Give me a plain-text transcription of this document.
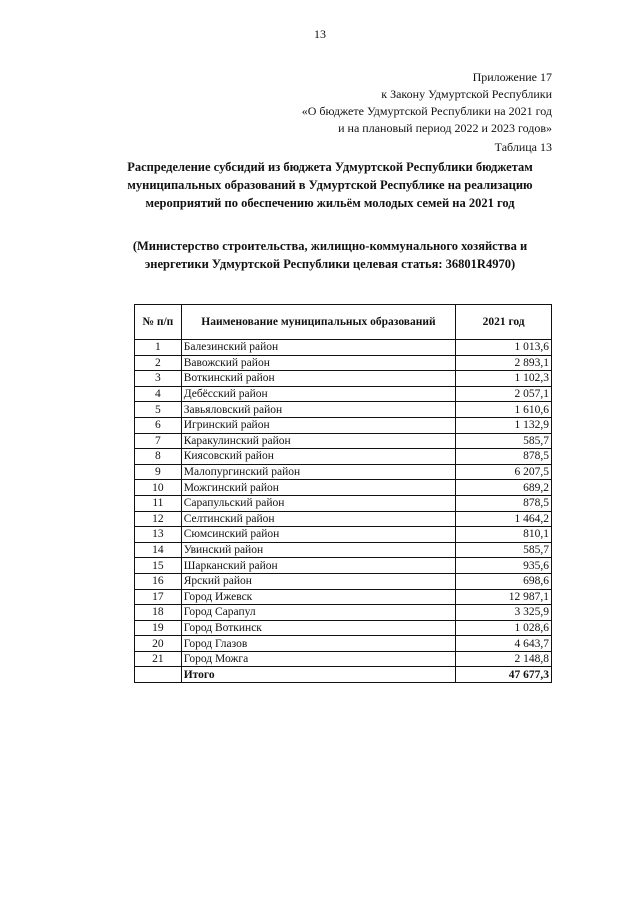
13
Приложение 17
к Закону Удмуртской Республики
«О бюджете Удмуртской Республики на 2021 год
и на плановый период 2022 и 2023 годов»
Таблица 13
Распределение субсидий из бюджета Удмуртской Республики бюджетам муниципальных образований в Удмуртской Республике на реализацию мероприятий по обеспечению жильём молодых семей на 2021 год
(Министерство строительства, жилищно-коммунального хозяйства и энергетики Удмуртской Республики целевая статья: 36801R4970)
№ п/п	Наименование муниципальных образований	2021 год
1	Балезинский район	1 013,6
2	Вавожский район	2 893,1
3	Воткинский район	1 102,3
4	Дебёсский район	2 057,1
5	Завьяловский район	1 610,6
6	Игринский район	1 132,9
7	Каракулинский район	585,7
8	Киясовский район	878,5
9	Малопургинский район	6 207,5
10	Можгинский район	689,2
11	Сарапульский район	878,5
12	Селтинский район	1 464,2
13	Сюмсинский район	810,1
14	Увинский район	585,7
15	Шарканский район	935,6
16	Ярский район	698,6
17	Город Ижевск	12 987,1
18	Город Сарапул	3 325,9
19	Город Воткинск	1 028,6
20	Город Глазов	4 643,7
21	Город Можга	2 148,8
	Итого	47 677,3
